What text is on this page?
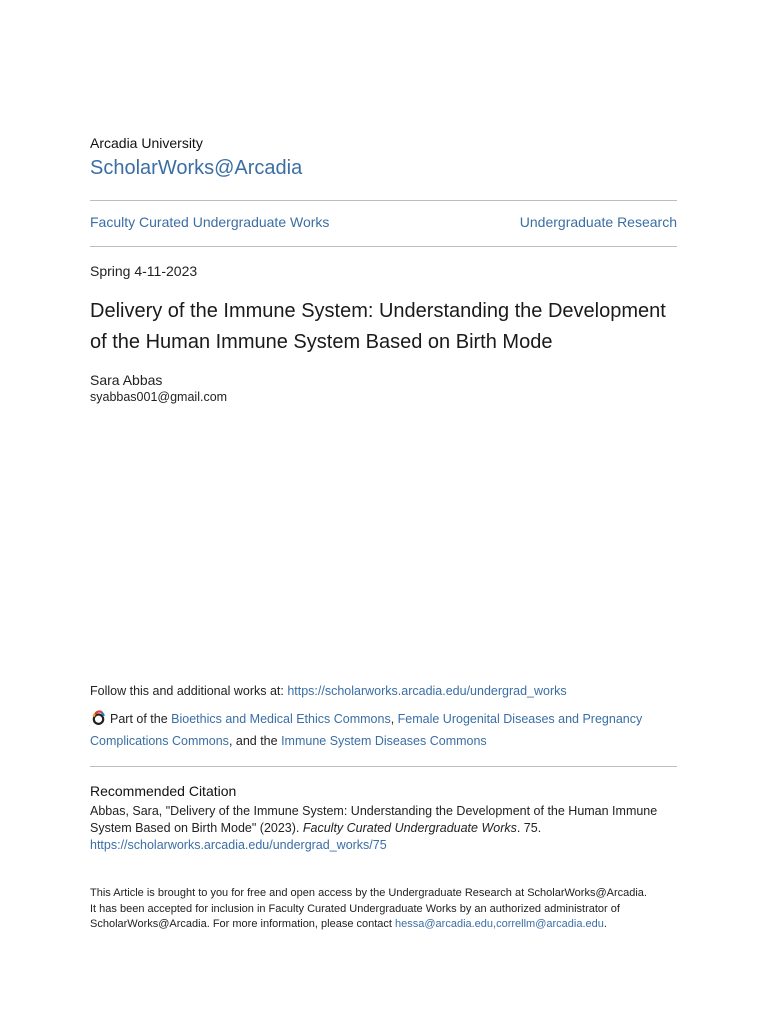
Arcadia University
ScholarWorks@Arcadia
Faculty Curated Undergraduate Works	Undergraduate Research
Spring 4-11-2023
Delivery of the Immune System: Understanding the Development
of the Human Immune System Based on Birth Mode
Sara Abbas
syabbas001@gmail.com
Follow this and additional works at: https://scholarworks.arcadia.edu/undergrad_works
Part of the Bioethics and Medical Ethics Commons, Female Urogenital Diseases and Pregnancy
Complications Commons, and the Immune System Diseases Commons
Recommended Citation
Abbas, Sara, "Delivery of the Immune System: Understanding the Development of the Human Immune
System Based on Birth Mode" (2023). Faculty Curated Undergraduate Works. 75.
https://scholarworks.arcadia.edu/undergrad_works/75
This Article is brought to you for free and open access by the Undergraduate Research at ScholarWorks@Arcadia.
It has been accepted for inclusion in Faculty Curated Undergraduate Works by an authorized administrator of
ScholarWorks@Arcadia. For more information, please contact hessa@arcadia.edu,correllm@arcadia.edu.
